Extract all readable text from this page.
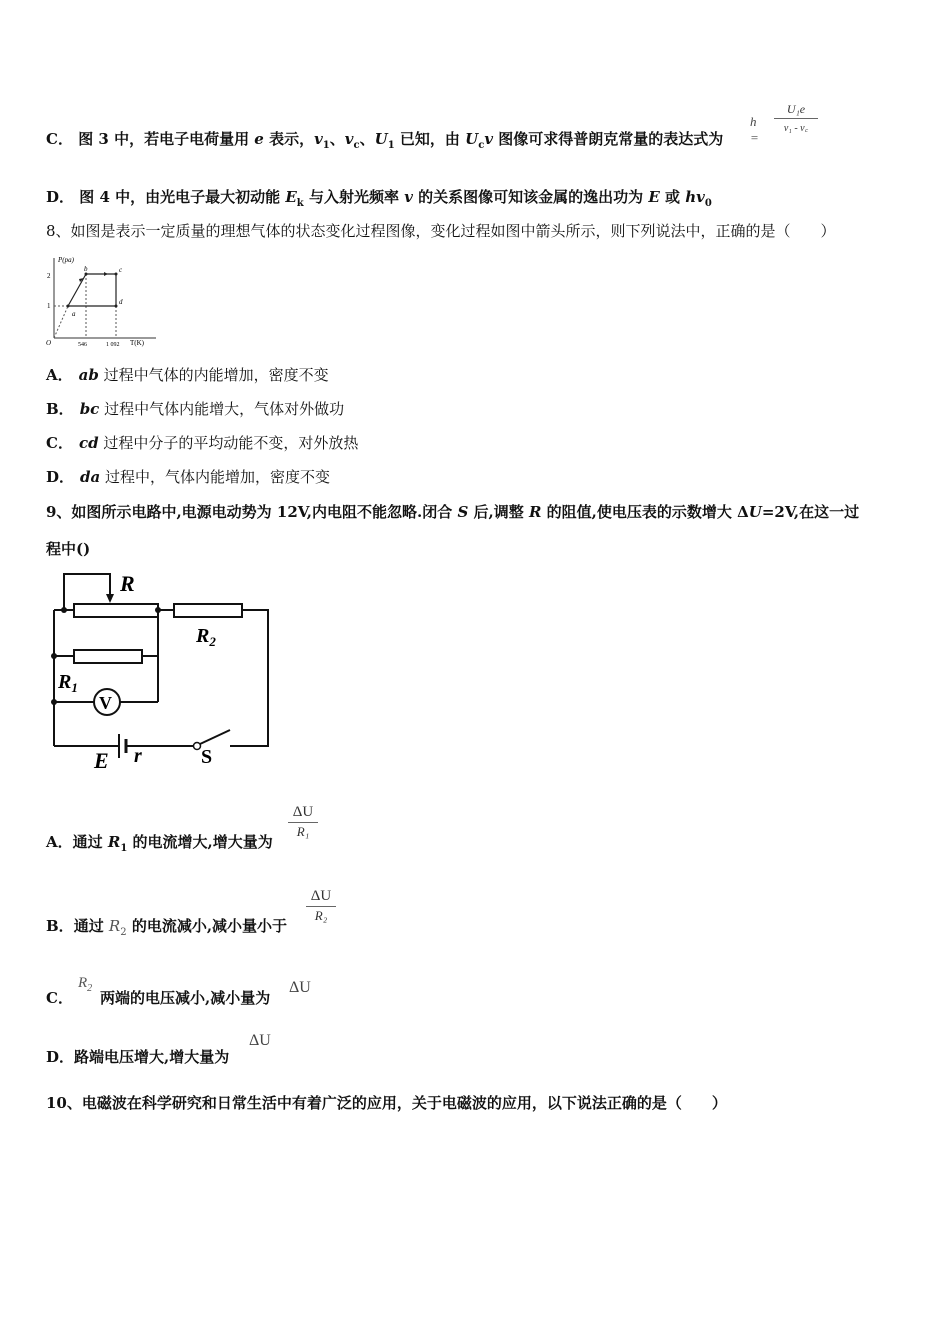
C． 图 3 中，若电子电荷量用 e 表示，$v_1$、$v_c$、$U_1$ 已知，由 $U_cv$ 图像可求得普朗克常量的表达式为
h =
U₁e
v₁ - v꜀
D． 图 4 中，由光电子最大初动能 $E_k$ 与入射光频率 v 的关系图像可知该金属的逸出功为 E 或 $hv_0$
8、如图是表示一定质量的理想气体的状态变化过程图像，变化过程如图中箭头所示，则下列说法中，正确的是（　　）
P(pa)
T(K)
O
2
1
546	1 092
a
b	c
d
A． ab 过程中气体的内能增加，密度不变
B． bc 过程中气体内能增大，气体对外做功
C． cd 过程中分子的平均动能不变，对外放热
D． da 过程中，气体内能增加，密度不变
9、如图所示电路中,电源电动势为 12V,内电阻不能忽略.闭合 S 后,调整 R 的阻值,使电压表的示数增大 ΔU=2V,在这一过
程中()
R
$R_2$
$R_1$
V
E r	S
A．通过 $R_1$ 的电流增大,增大量为
ΔU
R₁
B．通过 $R_2$ 的电流减小,减小量小于
ΔU
R₂
C．
$R_2$
两端的电压减小,减小量为
ΔU
D．路端电压增大,增大量为
ΔU
10、电磁波在科学研究和日常生活中有着广泛的应用，关于电磁波的应用，以下说法正确的是（　　）
